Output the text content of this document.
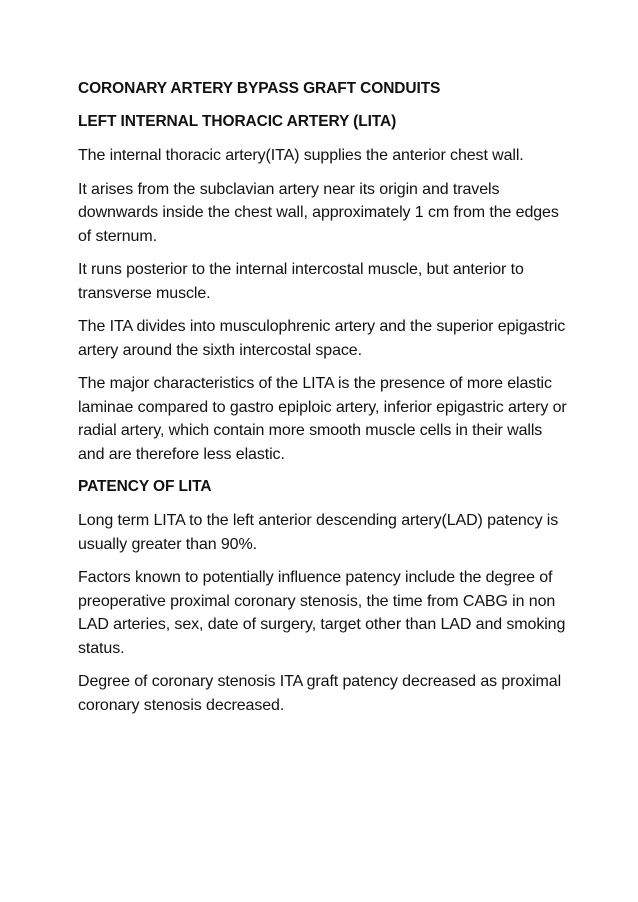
CORONARY ARTERY BYPASS GRAFT CONDUITS
LEFT INTERNAL THORACIC ARTERY (LITA)

The internal thoracic artery(ITA) supplies the anterior chest wall.

It arises from the subclavian artery near its origin and travels downwards inside the chest wall, approximately 1 cm from the edges of sternum.

It runs posterior to the internal intercostal muscle, but anterior to transverse muscle.

The ITA divides into musculophrenic artery and the superior epigastric artery around the sixth intercostal space.

The major characteristics of the LITA is the presence of more elastic laminae compared to gastro epiploic artery, inferior epigastric artery or radial artery, which contain more smooth muscle cells in their walls and are therefore less elastic.

PATENCY OF LITA

Long term LITA to the left anterior descending artery(LAD) patency is usually greater than 90%.

Factors known to potentially influence patency include the degree of preoperative proximal coronary stenosis, the time from CABG in non LAD arteries, sex, date of surgery, target other than LAD and smoking status.

Degree of coronary stenosis ITA graft patency decreased as proximal coronary stenosis decreased.
